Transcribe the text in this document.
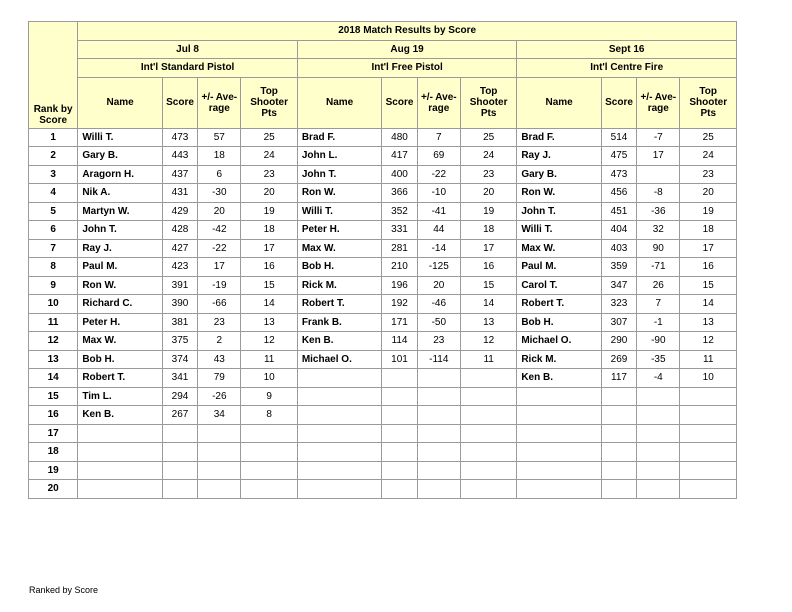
Rank by Score	2018 Match Results by Score											
	Jul 8				Aug 19				Sept 16			
	Int'l Standard Pistol				Int'l Free Pistol				Int'l Centre Fire			
	Name	Score	+/- Ave-rage	Top Shooter Pts	Name	Score	+/- Ave-rage	Top Shooter Pts	Name	Score	+/- Ave-rage	Top Shooter Pts
1	Willi T.	473	57	25	Brad F.	480	7	25	Brad F.	514	-7	25
2	Gary B.	443	18	24	John L.	417	69	24	Ray J.	475	17	24
3	Aragorn H.	437	6	23	John T.	400	-22	23	Gary B.	473		23
4	Nik A.	431	-30	20	Ron W.	366	-10	20	Ron W.	456	-8	20
5	Martyn W.	429	20	19	Willi T.	352	-41	19	John T.	451	-36	19
6	John T.	428	-42	18	Peter H.	331	44	18	Willi T.	404	32	18
7	Ray J.	427	-22	17	Max W.	281	-14	17	Max W.	403	90	17
8	Paul M.	423	17	16	Bob H.	210	-125	16	Paul M.	359	-71	16
9	Ron W.	391	-19	15	Rick M.	196	20	15	Carol T.	347	26	15
10	Richard C.	390	-66	14	Robert T.	192	-46	14	Robert T.	323	7	14
11	Peter H.	381	23	13	Frank B.	171	-50	13	Bob H.	307	-1	13
12	Max W.	375	2	12	Ken B.	114	23	12	Michael O.	290	-90	12
13	Bob H.	374	43	11	Michael O.	101	-114	11	Rick M.	269	-35	11
14	Robert T.	341	79	10					Ken B.	117	-4	10
15	Tim L.	294	-26	9								
16	Ken B.	267	34	8								
17												
18												
19												
20												
Ranked by Score
